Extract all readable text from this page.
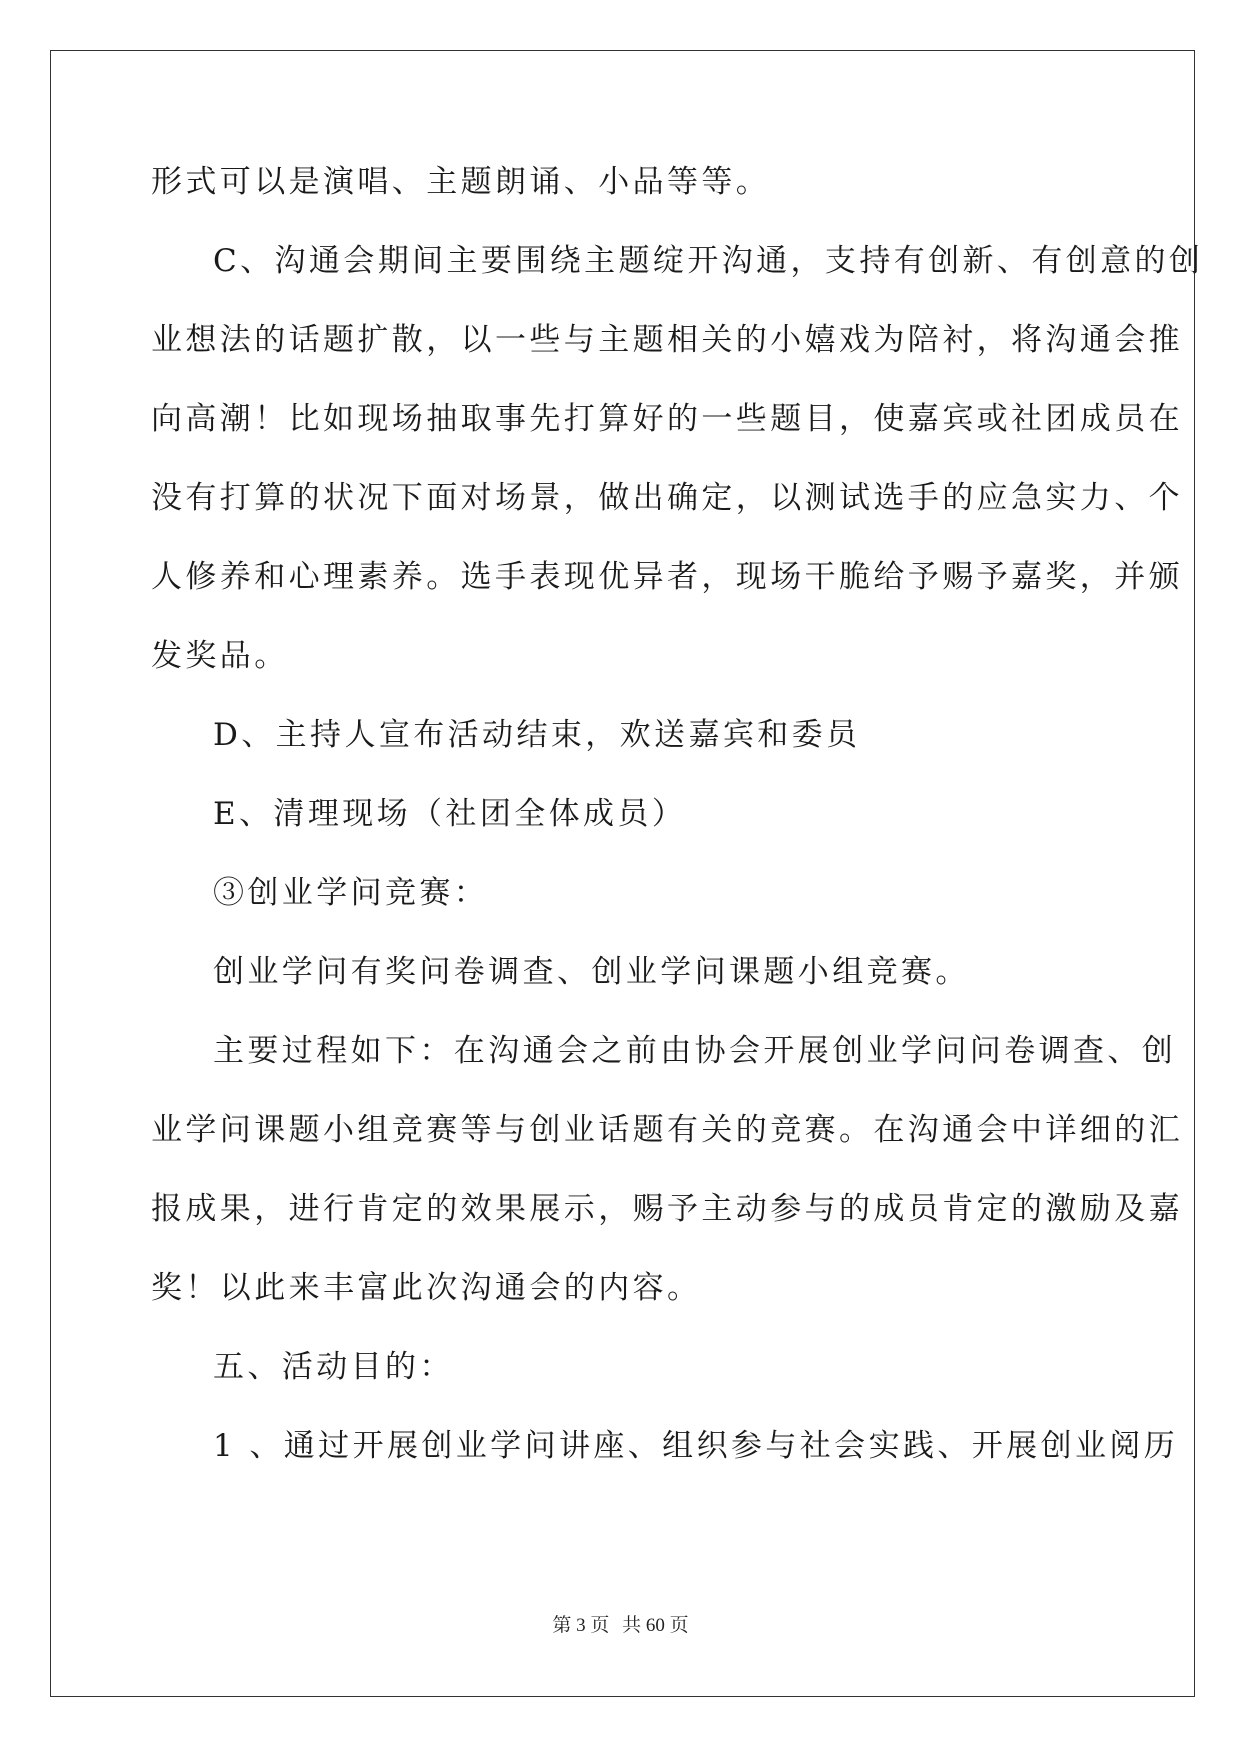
形式可以是演唱、主题朗诵、小品等等。
C、沟通会期间主要围绕主题绽开沟通，支持有创新、有创意的创
业想法的话题扩散，以一些与主题相关的小嬉戏为陪衬，将沟通会推
向高潮！比如现场抽取事先打算好的一些题目，使嘉宾或社团成员在
没有打算的状况下面对场景，做出确定，以测试选手的应急实力、个
人修养和心理素养。选手表现优异者，现场干脆给予赐予嘉奖，并颁
发奖品。
D、主持人宣布活动结束，欢送嘉宾和委员
E、清理现场（社团全体成员）
③创业学问竞赛：
创业学问有奖问卷调查、创业学问课题小组竞赛。
主要过程如下：在沟通会之前由协会开展创业学问问卷调查、创
业学问课题小组竞赛等与创业话题有关的竞赛。在沟通会中详细的汇
报成果，进行肯定的效果展示，赐予主动参与的成员肯定的激励及嘉
奖！以此来丰富此次沟通会的内容。
五、活动目的：
1 、通过开展创业学问讲座、组织参与社会实践、开展创业阅历
第 3 页 共 60 页
